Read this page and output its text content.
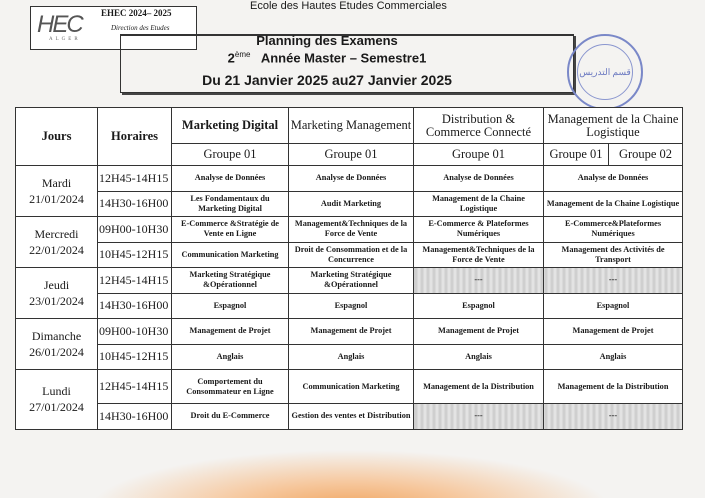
Ecole des Hautes Etudes Commerciales
HEC
ALGER
EHEC 2024– 2025
Direction des Etudes
Planning des Examens
2ème Année Master – Semestre1
Du 21 Janvier 2025 au27 Janvier 2025
قسم التدريس
Jours	Horaires	Marketing Digital	Marketing Management	Distribution & Commerce Connecté	Management de la Chaine Logistique	
		Groupe 01	Groupe 01	Groupe 01	Groupe 01	Groupe 02

Mardi
21/01/2024	12H45-14H15	Analyse de Données	Analyse de Données	Analyse de Données	Analyse de Données	
	14H30-16H00	Les Fondamentaux du Marketing Digital	Audit Marketing	Management de la Chaine Logistique	Management de la Chaine Logistique	

Mercredi
22/01/2024	09H00-10H30	E-Commerce &Stratégie de Vente en Ligne	Management&Techniques de la Force de Vente	E-Commerce & Plateformes Numériques	E-Commerce&Plateformes Numériques	
	10H45-12H15	Communication Marketing	Droit de Consommation et de la Concurrence	Management&Techniques de la Force de Vente	Management des Activités de Transport	

Jeudi
23/01/2024	12H45-14H15	Marketing Stratégique &Opérationnel	Marketing Stratégique &Opérationnel	---	---	
	14H30-16H00	Espagnol	Espagnol	Espagnol	Espagnol	

Dimanche
26/01/2024	09H00-10H30	Management de Projet	Management de Projet	Management de Projet	Management de Projet	
	10H45-12H15	Anglais	Anglais	Anglais	Anglais	

Lundi
27/01/2024	12H45-14H15	Comportement du Consommateur en Ligne	Communication Marketing	Management de la Distribution	Management de la Distribution	
	14H30-16H00	Droit du E-Commerce	Gestion des ventes et Distribution	---	---	
